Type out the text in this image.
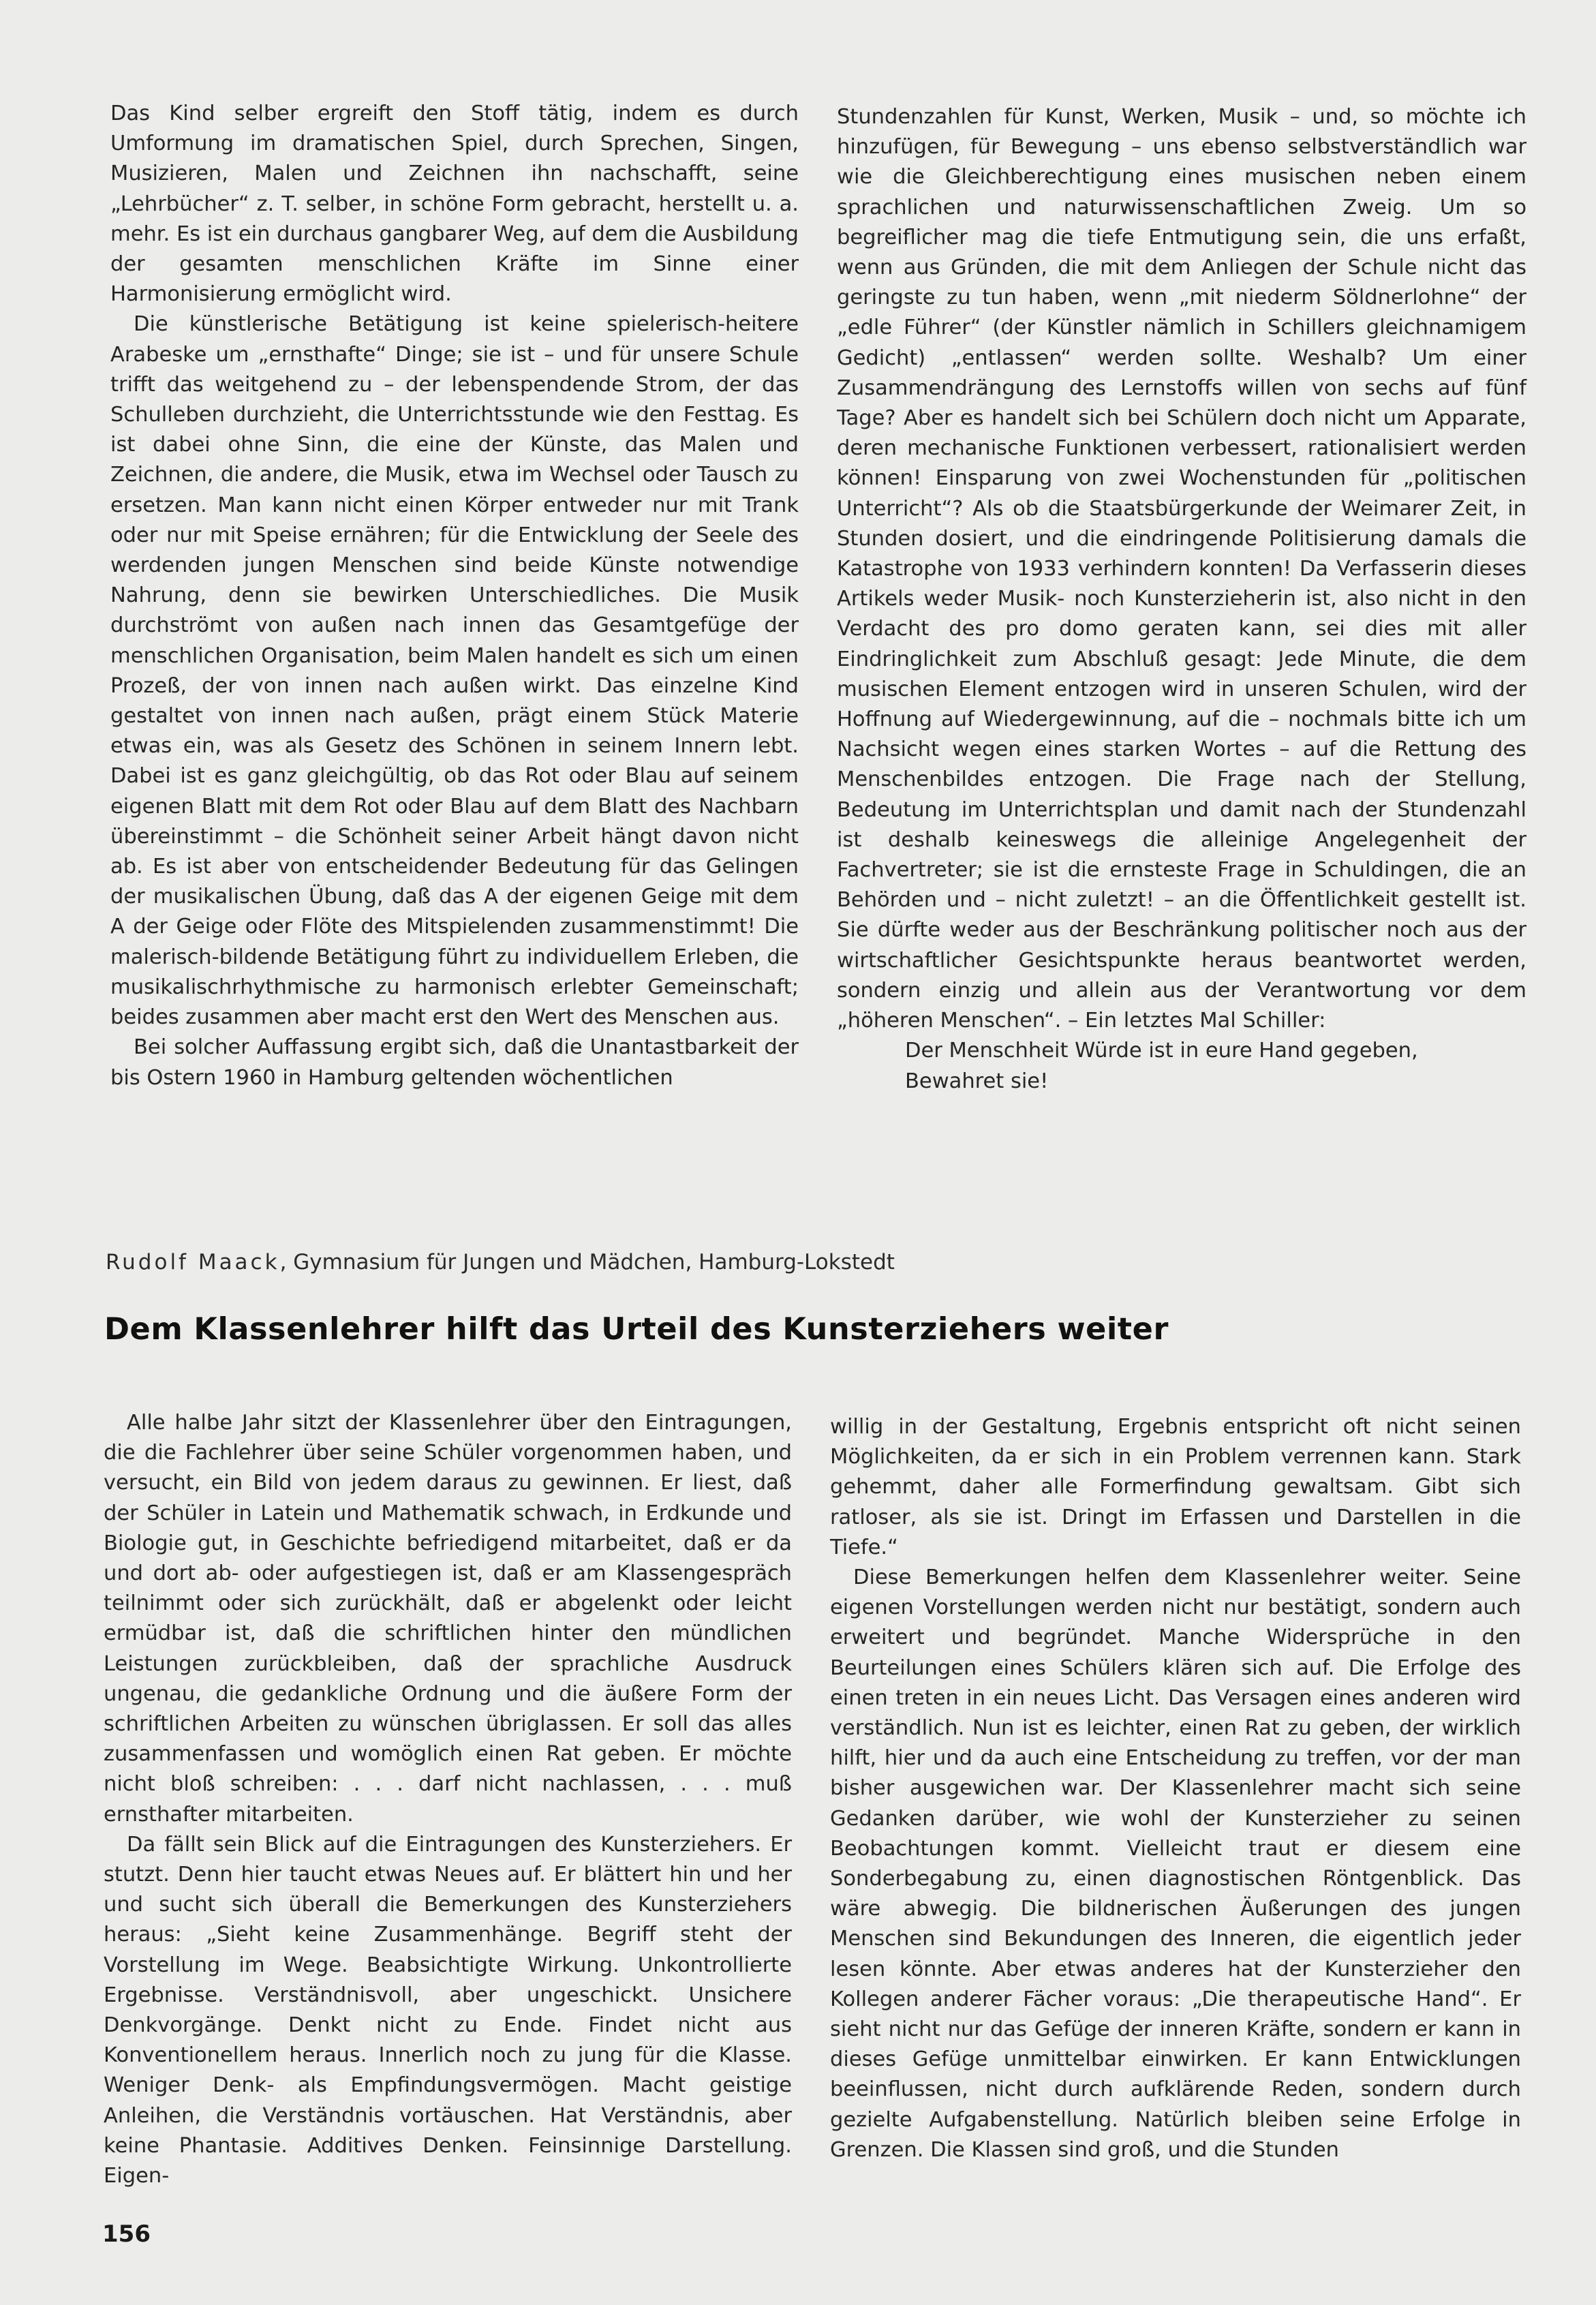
Das Kind selber ergreift den Stoff tätig, indem es durch Umformung im dramatischen Spiel, durch Sprechen, Singen, Musizieren, Malen und Zeichnen ihn nachschafft, seine „Lehrbücher“ z. T. selber, in schöne Form gebracht, herstellt u. a. mehr. Es ist ein durchaus gangbarer Weg, auf dem die Ausbildung der gesamten menschlichen Kräfte im Sinne einer Harmonisierung ermöglicht wird.

Die künstlerische Betätigung ist keine spielerisch-heitere Arabeske um „ernsthafte“ Dinge; sie ist – und für unsere Schule trifft das weitgehend zu – der lebenspendende Strom, der das Schulleben durchzieht, die Unterrichtsstunde wie den Festtag. Es ist dabei ohne Sinn, die eine der Künste, das Malen und Zeichnen, die andere, die Musik, etwa im Wechsel oder Tausch zu ersetzen. Man kann nicht einen Körper entweder nur mit Trank oder nur mit Speise ernähren; für die Entwicklung der Seele des werdenden jungen Menschen sind beide Künste notwendige Nahrung, denn sie bewirken Unterschiedliches. Die Musik durchströmt von außen nach innen das Gesamtgefüge der menschlichen Organisation, beim Malen handelt es sich um einen Prozeß, der von innen nach außen wirkt. Das einzelne Kind gestaltet von innen nach außen, prägt einem Stück Materie etwas ein, was als Gesetz des Schönen in seinem Innern lebt. Dabei ist es ganz gleichgültig, ob das Rot oder Blau auf seinem eigenen Blatt mit dem Rot oder Blau auf dem Blatt des Nachbarn übereinstimmt – die Schönheit seiner Arbeit hängt davon nicht ab. Es ist aber von entscheidender Bedeutung für das Gelingen der musikalischen Übung, daß das A der eigenen Geige mit dem A der Geige oder Flöte des Mitspielenden zusammenstimmt! Die malerisch-bildende Betätigung führt zu individuellem Erleben, die musikalischrhythmische zu harmonisch erlebter Gemeinschaft; beides zusammen aber macht erst den Wert des Menschen aus.

Bei solcher Auffassung ergibt sich, daß die Unantastbarkeit der bis Ostern 1960 in Hamburg geltenden wöchentlichen

Stundenzahlen für Kunst, Werken, Musik – und, so möchte ich hinzufügen, für Bewegung – uns ebenso selbstverständlich war wie die Gleichberechtigung eines musischen neben einem sprachlichen und naturwissenschaftlichen Zweig. Um so begreiflicher mag die tiefe Entmutigung sein, die uns erfaßt, wenn aus Gründen, die mit dem Anliegen der Schule nicht das geringste zu tun haben, wenn „mit niederm Söldnerlohne“ der „edle Führer“ (der Künstler nämlich in Schillers gleichnamigem Gedicht) „entlassen“ werden sollte. Weshalb? Um einer Zusammendrängung des Lernstoffs willen von sechs auf fünf Tage? Aber es handelt sich bei Schülern doch nicht um Apparate, deren mechanische Funktionen verbessert, rationalisiert werden können! Einsparung von zwei Wochenstunden für „politischen Unterricht“? Als ob die Staatsbürgerkunde der Weimarer Zeit, in Stunden dosiert, und die eindringende Politisierung damals die Katastrophe von 1933 verhindern konnten! Da Verfasserin dieses Artikels weder Musik- noch Kunsterzieherin ist, also nicht in den Verdacht des pro domo geraten kann, sei dies mit aller Eindringlichkeit zum Abschluß gesagt: Jede Minute, die dem musischen Element entzogen wird in unseren Schulen, wird der Hoffnung auf Wiedergewinnung, auf die – nochmals bitte ich um Nachsicht wegen eines starken Wortes – auf die Rettung des Menschenbildes entzogen. Die Frage nach der Stellung, Bedeutung im Unterrichtsplan und damit nach der Stundenzahl ist deshalb keineswegs die alleinige Angelegenheit der Fachvertreter; sie ist die ernsteste Frage in Schuldingen, die an Behörden und – nicht zuletzt! – an die Öffentlichkeit gestellt ist. Sie dürfte weder aus der Beschränkung politischer noch aus der wirtschaftlicher Gesichtspunkte heraus beantwortet werden, sondern einzig und allein aus der Verantwortung vor dem „höheren Menschen“. – Ein letztes Mal Schiller:

Der Menschheit Würde ist in eure Hand gegeben,

Bewahret sie!

Rudolf Maack, Gymnasium für Jungen und Mädchen, Hamburg-Lokstedt
Dem Klassenlehrer hilft das Urteil des Kunsterziehers weiter

Alle halbe Jahr sitzt der Klassenlehrer über den Eintragungen, die die Fachlehrer über seine Schüler vorgenommen haben, und versucht, ein Bild von jedem daraus zu gewinnen. Er liest, daß der Schüler in Latein und Mathematik schwach, in Erdkunde und Biologie gut, in Geschichte befriedigend mitarbeitet, daß er da und dort ab- oder aufgestiegen ist, daß er am Klassengespräch teilnimmt oder sich zurückhält, daß er abgelenkt oder leicht ermüdbar ist, daß die schriftlichen hinter den mündlichen Leistungen zurückbleiben, daß der sprachliche Ausdruck ungenau, die gedankliche Ordnung und die äußere Form der schriftlichen Arbeiten zu wünschen übriglassen. Er soll das alles zusammenfassen und womöglich einen Rat geben. Er möchte nicht bloß schreiben: . . . darf nicht nachlassen, . . . muß ernsthafter mitarbeiten.

Da fällt sein Blick auf die Eintragungen des Kunsterziehers. Er stutzt. Denn hier taucht etwas Neues auf. Er blättert hin und her und sucht sich überall die Bemerkungen des Kunsterziehers heraus: „Sieht keine Zusammenhänge. Begriff steht der Vorstellung im Wege. Beabsichtigte Wirkung. Unkontrollierte Ergebnisse. Verständnisvoll, aber ungeschickt. Unsichere Denkvorgänge. Denkt nicht zu Ende. Findet nicht aus Konventionellem heraus. Innerlich noch zu jung für die Klasse. Weniger Denk- als Empfindungsvermögen. Macht geistige Anleihen, die Verständnis vortäuschen. Hat Verständnis, aber keine Phantasie. Additives Denken. Feinsinnige Darstellung. Eigen-

willig in der Gestaltung, Ergebnis entspricht oft nicht seinen Möglichkeiten, da er sich in ein Problem verrennen kann. Stark gehemmt, daher alle Formerfindung gewaltsam. Gibt sich ratloser, als sie ist. Dringt im Erfassen und Darstellen in die Tiefe.“

Diese Bemerkungen helfen dem Klassenlehrer weiter. Seine eigenen Vorstellungen werden nicht nur bestätigt, sondern auch erweitert und begründet. Manche Widersprüche in den Beurteilungen eines Schülers klären sich auf. Die Erfolge des einen treten in ein neues Licht. Das Versagen eines anderen wird verständlich. Nun ist es leichter, einen Rat zu geben, der wirklich hilft, hier und da auch eine Entscheidung zu treffen, vor der man bisher ausgewichen war. Der Klassenlehrer macht sich seine Gedanken darüber, wie wohl der Kunsterzieher zu seinen Beobachtungen kommt. Vielleicht traut er diesem eine Sonderbegabung zu, einen diagnostischen Röntgenblick. Das wäre abwegig. Die bildnerischen Äußerungen des jungen Menschen sind Bekundungen des Inneren, die eigentlich jeder lesen könnte. Aber etwas anderes hat der Kunsterzieher den Kollegen anderer Fächer voraus: „Die therapeutische Hand“. Er sieht nicht nur das Gefüge der inneren Kräfte, sondern er kann in dieses Gefüge unmittelbar einwirken. Er kann Entwicklungen beeinflussen, nicht durch aufklärende Reden, sondern durch gezielte Aufgabenstellung. Natürlich bleiben seine Erfolge in Grenzen. Die Klassen sind groß, und die Stunden

156
